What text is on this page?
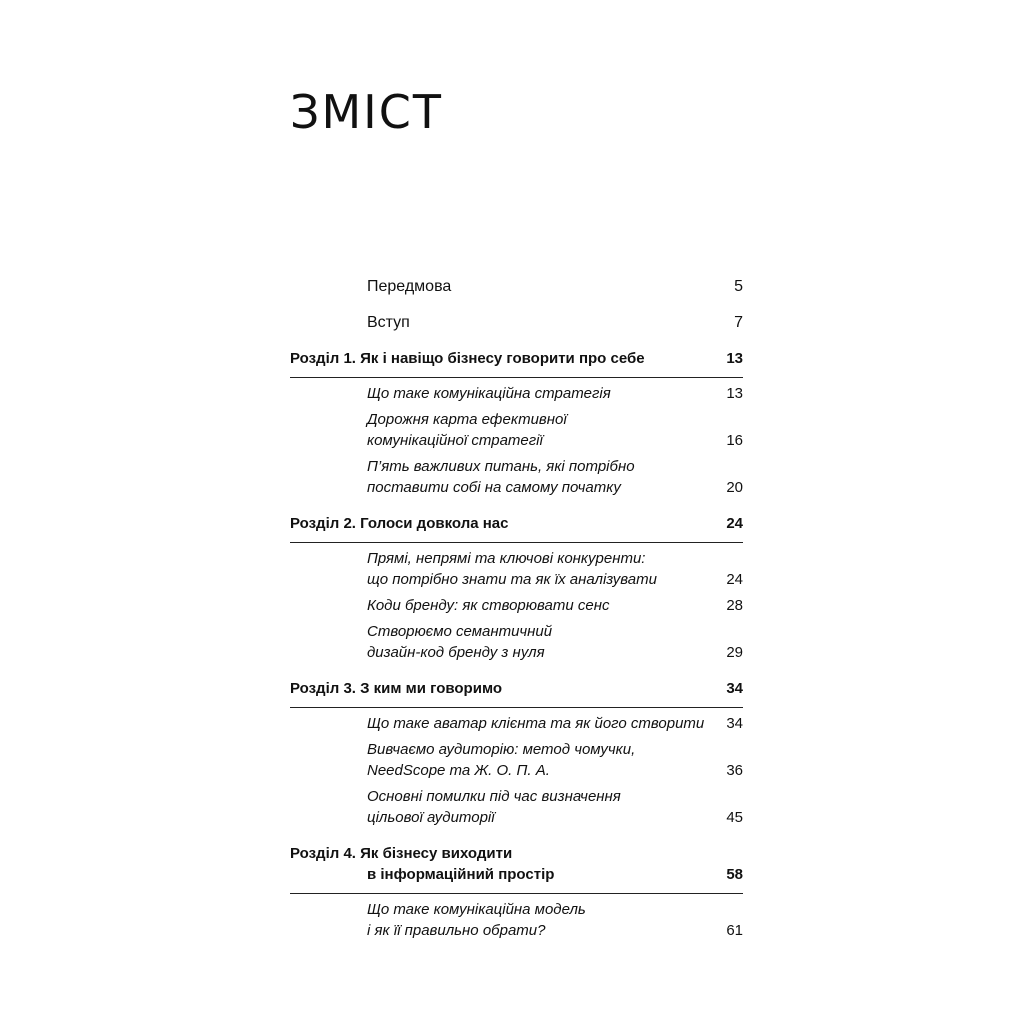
ЗМІСТ
Передмова	5
Вступ	7
Розділ 1. Як і навіщо бізнесу говорити про себе	13
Що таке комунікаційна стратегія	13
Дорожня карта ефективної
комунікаційної стратегії	16
П’ять важливих питань, які потрібно
поставити собі на самому початку	20
Розділ 2. Голоси довкола нас	24
Прямі, непрямі та ключові конкуренти:
що потрібно знати та як їх аналізувати	24
Коди бренду: як створювати сенс	28
Створюємо семантичний
дизайн-код бренду з нуля	29
Розділ 3. З ким ми говоримо	34
Що таке аватар клієнта та як його створити	34
Вивчаємо аудиторію: метод чомучки,
NeedScope та Ж. О. П. А.	36
Основні помилки під час визначення
цільової аудиторії	45
Розділ 4. Як бізнесу виходити
в інформаційний простір	58
Що таке комунікаційна модель
і як її правильно обрати?	61
